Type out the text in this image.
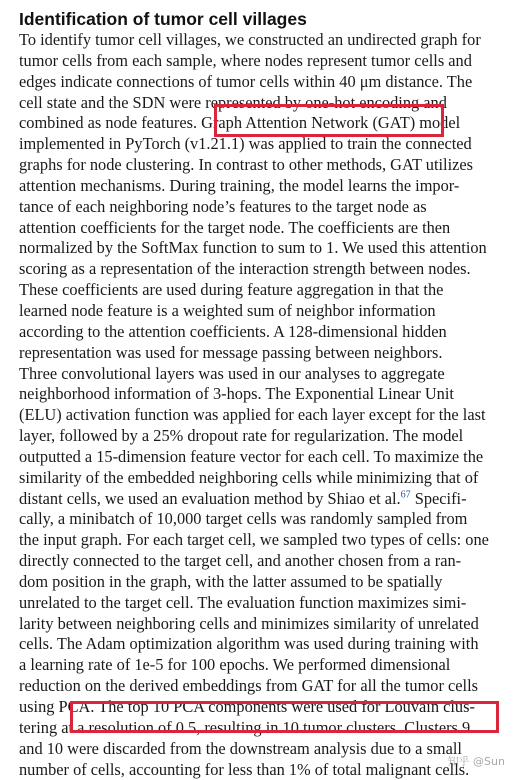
Identification of tumor cell villages
To identify tumor cell villages, we constructed an undirected graph for
tumor cells from each sample, where nodes represent tumor cells and
edges indicate connections of tumor cells within 40 μm distance. The
cell state and the SDN were represented by one-hot encoding and
combined as node features. Graph Attention Network (GAT) model
implemented in PyTorch (v1.21.1) was applied to train the connected
graphs for node clustering. In contrast to other methods, GAT utilizes
attention mechanisms. During training, the model learns the impor-
tance of each neighboring node’s features to the target node as
attention coefficients for the target node. The coefficients are then
normalized by the SoftMax function to sum to 1. We used this attention
scoring as a representation of the interaction strength between nodes.
These coefficients are used during feature aggregation in that the
learned node feature is a weighted sum of neighbor information
according to the attention coefficients. A 128-dimensional hidden
representation was used for message passing between neighbors.
Three convolutional layers was used in our analyses to aggregate
neighborhood information of 3-hops. The Exponential Linear Unit
(ELU) activation function was applied for each layer except for the last
layer, followed by a 25% dropout rate for regularization. The model
outputted a 15-dimension feature vector for each cell. To maximize the
similarity of the embedded neighboring cells while minimizing that of
distant cells, we used an evaluation method by Shiao et al.$^{67}$ Specifi-
cally, a minibatch of 10,000 target cells was randomly sampled from
the input graph. For each target cell, we sampled two types of cells: one
directly connected to the target cell, and another chosen from a ran-
dom position in the graph, with the latter assumed to be spatially
unrelated to the target cell. The evaluation function maximizes simi-
larity between neighboring cells and minimizes similarity of unrelated
cells. The Adam optimization algorithm was used during training with
a learning rate of 1e-5 for 100 epochs. We performed dimensional
reduction on the derived embeddings from GAT for all the tumor cells
using PCA. The top 10 PCA components were used for Louvain clus-
tering at a resolution of 0.5, resulting in 10 tumor clusters. Clusters 9
and 10 were discarded from the downstream analysis due to a small
number of cells, accounting for less than 1% of total malignant cells.
知乎 @Sun
